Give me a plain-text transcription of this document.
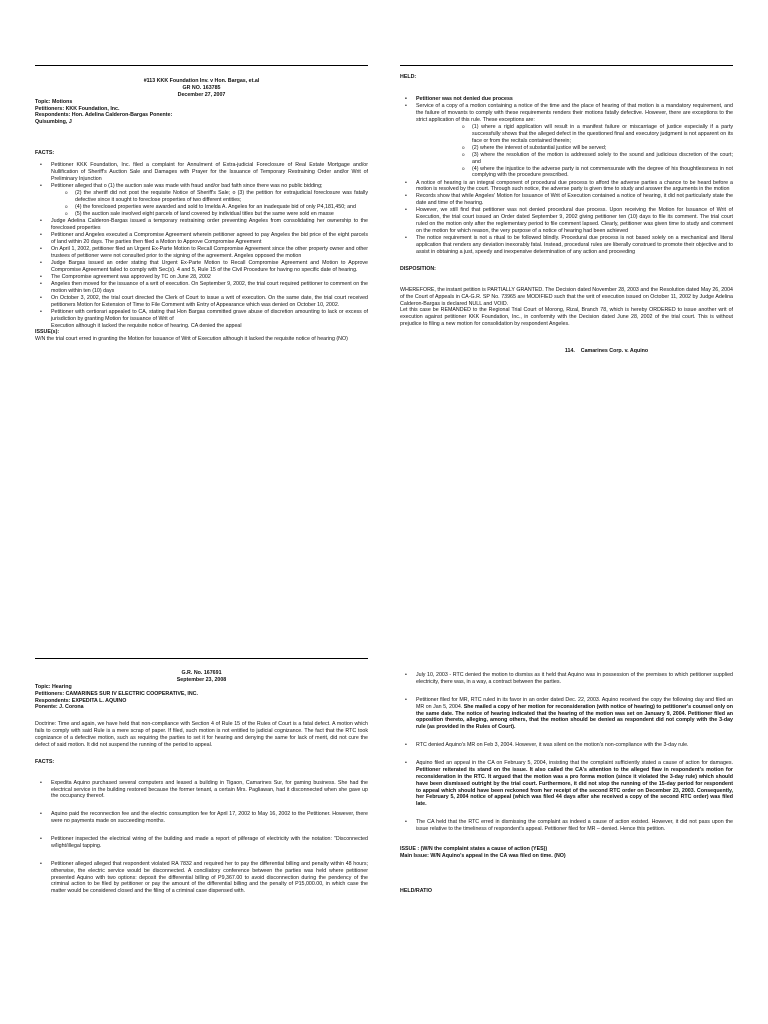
#113 KKK Foundation Inv. v Hon. Bargas, et.al
GR NO. 163785
December 27, 2007
Topic: Motions
Petitioners: KKK Foundation, Inc.
Respondents: Hon. Adelina Calderon-Bargas Ponente:
Quisumbing, J
FACTS:
• Petitioner KKK Foundation, Inc. filed a complaint for Annulment of Extra-judicial Foreclosure of Real Estate Mortgage and/or Nullification of Sheriff's Auction Sale and Damages with Prayer for the Issuance of Temporary Restraining Order and/or Writ of Preliminary Injunction
• Petitioner alleged that o (1) the auction sale was made with fraud and/or bad faith since there was no public bidding;
o (2) the sheriff did not post the requisite Notice of Sheriff's Sale; o (3) the petition for extrajudicial foreclosure was fatally defective since it sought to foreclose properties of two different entities;
o (4) the foreclosed properties were awarded and sold to Imelda A. Angeles for an inadequate bid of only P4,181,450; and
o (5) the auction sale involved eight parcels of land covered by individual titles but the same were sold en masse
• Judge Adelina Calderon-Bargas issued a temporary restraining order preventing Angeles from consolidating her ownership to the foreclosed properties
• Petitioner and Angeles executed a Compromise Agreement wherein petitioner agreed to pay Angeles the bid price of the eight parcels of land within 20 days. The parties then filed a Motion to Approve Compromise Agreement
• On April 1, 2002, petitioner filed an Urgent Ex-Parte Motion to Recall Compromise Agreement since the other property owner and other trustees of petitioner were not consulted prior to the signing of the agreement. Angeles opposed the motion
• Judge Bargas issued an order stating that Urgent Ex-Parte Motion to Recall Compromise Agreement and Motion to Approve Compromise Agreement failed to comply with Sec(s). 4 and 5, Rule 15 of the Civil Procedure for having no specific date of hearing.
• The Compromise agreement was approved by TC on June 28, 2002
• Angeles then moved for the issuance of a writ of execution. On September 9, 2002, the trial court required petitioner to comment on the motion within ten (10) days
• On October 3, 2002, the trial court directed the Clerk of Court to issue a writ of execution. On the same date, the trial court received petitioners Motion for Extension of Time to File Comment with Entry of Appearance which was denied on October 10, 2002.
• Petitioner with certiorari appealed to CA, stating that Hon Bargas committed grave abuse of discretion amounting to lack or excess of jurisdiction by granting Motion for issuance of Writ of
Execution although it lacked the requisite notice of hearing. CA denied the appeal
ISSUE(s):
W/N the trial court erred in granting the Motion for Issuance of Writ of Execution although it lacked the requisite notice of hearing (NO)
HELD:
• Petitioner was not denied due process
• Service of a copy of a motion containing a notice of the time and the place of hearing of that motion is a mandatory requirement, and the failure of movants to comply with these requirements renders their motions fatally defective. However, there are exceptions to the strict application of this rule. These exceptions are:
o (1) where a rigid application will result in a manifest failure or miscarriage of justice especially if a party successfully shows that the alleged defect in the questioned final and executory judgment is not apparent on its face or from the recitals contained therein;
o (2) where the interest of substantial justice will be served;
o (3) where the resolution of the motion is addressed solely to the sound and judicious discretion of the court; and
o (4) where the injustice to the adverse party is not commensurate with the degree of his thoughtlessness in not complying with the procedure prescribed.
• A notice of hearing is an integral component of procedural due process to afford the adverse parties a chance to be heard before a motion is resolved by the court. Through such notice, the adverse party is given time to study and answer the arguments in the motion
• Records show that while Angeles' Motion for Issuance of Writ of Execution contained a notice of hearing, it did not particularly state the date and time of the hearing.
• However, we still find that petitioner was not denied procedural due process. Upon receiving the Motion for Issuance of Writ of Execution, the trial court issued an Order dated September 9, 2002 giving petitioner ten (10) days to file its comment. The trial court ruled on the motion only after the reglementary period to file comment lapsed. Clearly, petitioner was given time to study and comment on the motion for which reason, the very purpose of a notice of hearing had been achieved
• The notice requirement is not a ritual to be followed blindly. Procedural due process is not based solely on a mechanical and literal application that renders any deviation inexorably fatal. Instead, procedural rules are liberally construed to promote their objective and to assist in obtaining a just, speedy and inexpensive determination of any action and proceeding
DISPOSITION:
WHEREFORE, the instant petition is PARTIALLY GRANTED. The Decision dated November 28, 2003 and the Resolution dated May 26, 2004 of the Court of Appeals in CA-G.R. SP No. 73965 are MODIFIED such that the writ of execution issued on October 11, 2002 by Judge Adelina Calderon-Bargas is declared NULL and VOID.
Let this case be REMANDED to the Regional Trial Court of Morong, Rizal, Branch 78, which is hereby ORDERED to issue another writ of execution against petitioner KKK Foundation, Inc., in conformity with the Decision dated June 28, 2002 of the trial court. This is without prejudice to filing a new motion for consolidation by respondent Angeles.
114.    Camarines Corp. v. Aquino
G.R. No. 167691
September 23, 2008
Topic: Hearing
Petitioners: CAMARINES SUR IV ELECTRIC COOPERATIVE, INC.
Respondents: EXPEDITA L. AQUINO
Ponente: J. Corona
Doctrine: Time and again, we have held that non-compliance with Section 4 of Rule 15 of the Rules of Court is a fatal defect. A motion which fails to comply with said Rule is a mere scrap of paper. If filed, such motion is not entitled to judicial cognizance. The fact that the RTC took cognizance of a defective motion, such as requiring the parties to set it for hearing and denying the same for lack of merit, did not cure the defect of said motion. It did not suspend the running of the period to appeal.
FACTS:
• Expedita Aquino purchased several computers and leased a building in Tigaon, Camarines Sur, for gaming business. She had the electrical service in the building restored because the former tenant, a certain Mrs. Pagliawan, had it disconnected when she gave up the occupancy thereof.
• Aquino paid the reconnection fee and the electric consumption fee for April 17, 2002 to May 16, 2002 to the Petitioner. However, there were no payments made on succeeding months.
• Petitioner inspected the electrical wiring of the building and made a report of pilferage of electricity with the notation: "Disconnected w/light/illegal tapping.
• Petitioner alleged alleged that respondent violated RA 7832 and required her to pay the differential billing and penalty within 48 hours; otherwise, the electric service would be disconnected. A conciliatory conference between the parties was held where petitioner presented Aquino with two options: deposit the differential billing of P9,367.00 to avoid disconnection during the pendency of the criminal action to be filed by petitioner or pay the amount of the differential billing and the penalty of P15,000.00, in which case the matter would be considered closed and the filing of a criminal case dispensed with.
• July 10, 2003 - RTC denied the motion to dismiss as it held that Aquino was in possession of the premises to which petitioner supplied electricity, there was, in a way, a contract between the parties.
• Petitioner filed for MR, RTC ruled in its favor in an order dated Dec. 22, 2003. Aquino received the copy the following day and filed an MR on Jan 5, 2004. She mailed a copy of her motion for reconsideration (with notice of hearing) to petitioner's counsel only on the same date. The notice of hearing indicated that the hearing of the motion was set on January 9, 2004. Petitioner filed an opposition thereto, alleging, among others, that the motion should be denied as respondent did not comply with the 3-day rule (as provided in the Rules of Court).
• RTC denied Aquino's MR on Feb 3, 2004. However, it was silent on the motion's non-compliance with the 3-day rule.
• Aquino filed an appeal in the CA on February 5, 2004, insisting that the complaint sufficiently stated a cause of action for damages. Petitioner reiterated its stand on the issue. It also called the CA's attention to the alleged flaw in respondent's motion for reconsideration in the RTC. It argued that the motion was a pro forma motion (since it violated the 3-day rule) which should have been dismissed outright by the trial court. Furthermore, it did not stop the running of the 15-day period for respondent to appeal which should have been reckoned from her receipt of the second RTC order on December 23, 2003. Consequently, her February 5, 2004 notice of appeal (which was filed 44 days after she received a copy of the second RTC order) was filed late.
• The CA held that the RTC erred in dismissing the complaint as indeed a cause of action existed. However, it did not pass upon the issue relative to the timeliness of respondent's appeal. Petitioner filed for MR – denied. Hence this petition.
ISSUE : (W/N the complaint states a cause of action (YES))
Main Issue: W/N Aquino's appeal in the CA was filed on time. (NO)
HELD/RATIO
